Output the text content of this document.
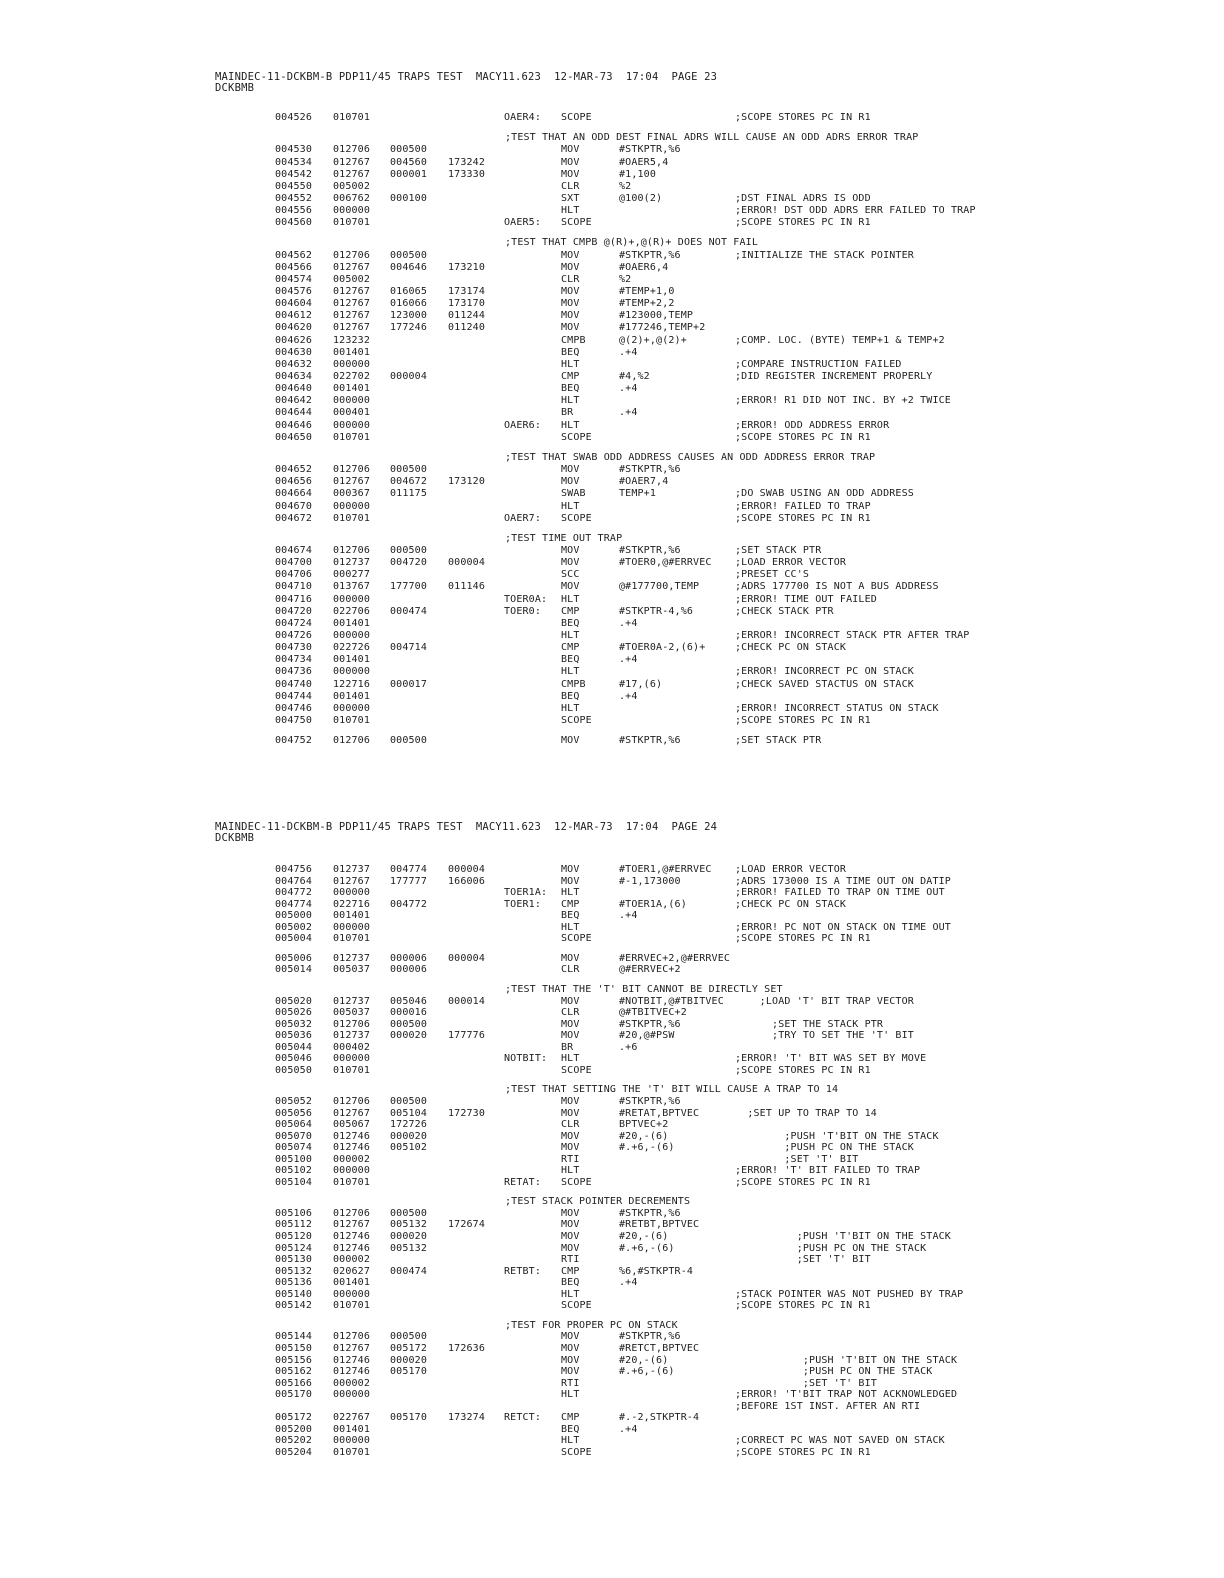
MAINDEC-11-DCKBM-B PDP11/45 TRAPS TEST  MACY11.623  12-MAR-73  17:04  PAGE 23
DCKBMB
004526 010701	OAER4: SCOPE	;SCOPE STORES PC IN R1
;TEST THAT AN ODD DEST FINAL ADRS WILL CAUSE AN ODD ADRS ERROR TRAP
004530 012706 000500	MOV	#STKPTR,%6
004534 012767 004560 173242	MOV	#OAER5,4
004542 012767 000001 173330	MOV	#1,100
004550 005002	CLR	%2
004552 006762 000100	SXT	@100(2)	;DST FINAL ADRS IS ODD
004556 000000	HLT	;ERROR! DST ODD ADRS ERR FAILED TO TRAP
004560 010701	OAER5: SCOPE	;SCOPE STORES PC IN R1
;TEST THAT CMPB @(R)+,@(R)+ DOES NOT FAIL
004562 012706 000500	MOV	#STKPTR,%6	;INITIALIZE THE STACK POINTER
004566 012767 004646 173210	MOV	#OAER6,4
004574 005002	CLR	%2
004576 012767 016065 173174	MOV	#TEMP+1,0
004604 012767 016066 173170	MOV	#TEMP+2,2
004612 012767 123000 011244	MOV	#123000,TEMP
004620 012767 177246 011240	MOV	#177246,TEMP+2
004626 123232	CMPB	@(2)+,@(2)+	;COMP. LOC. (BYTE) TEMP+1 & TEMP+2
004630 001401	BEQ	.+4
004632 000000	HLT	;COMPARE INSTRUCTION FAILED
004634 022702 000004	CMP	#4,%2	;DID REGISTER INCREMENT PROPERLY
004640 001401	BEQ	.+4
004642 000000	HLT	;ERROR! R1 DID NOT INC. BY +2 TWICE
004644 000401	BR	.+4
004646 000000	OAER6: HLT	;ERROR! ODD ADDRESS ERROR
004650 010701	SCOPE	;SCOPE STORES PC IN R1
;TEST THAT SWAB ODD ADDRESS CAUSES AN ODD ADDRESS ERROR TRAP
004652 012706 000500	MOV	#STKPTR,%6
004656 012767 004672 173120	MOV	#OAER7,4
004664 000367 011175	SWAB	TEMP+1	;DO SWAB USING AN ODD ADDRESS
004670 000000	HLT	;ERROR! FAILED TO TRAP
004672 010701	OAER7: SCOPE	;SCOPE STORES PC IN R1
;TEST TIME OUT TRAP
004674 012706 000500	MOV	#STKPTR,%6	;SET STACK PTR
004700 012737 004720 000004	MOV	#TOER0,@#ERRVEC ;LOAD ERROR VECTOR
004706 000277	SCC	;PRESET CC'S
004710 013767 177700 011146	MOV	@#177700,TEMP	;ADRS 177700 IS NOT A BUS ADDRESS
004716 000000	TOER0A: HLT	;ERROR! TIME OUT FAILED
004720 022706 000474	TOER0: CMP	#STKPTR-4,%6	;CHECK STACK PTR
004724 001401	BEQ	.+4
004726 000000	HLT	;ERROR! INCORRECT STACK PTR AFTER TRAP
004730 022726 004714	CMP	#TOER0A-2,(6)+	;CHECK PC ON STACK
004734 001401	BEQ	.+4
004736 000000	HLT	;ERROR! INCORRECT PC ON STACK
004740 122716 000017	CMPB	#17,(6)	;CHECK SAVED STACTUS ON STACK
004744 001401	BEQ	.+4
004746 000000	HLT	;ERROR! INCORRECT STATUS ON STACK
004750 010701	SCOPE	;SCOPE STORES PC IN R1
004752 012706 000500	MOV	#STKPTR,%6	;SET STACK PTR
MAINDEC-11-DCKBM-B PDP11/45 TRAPS TEST  MACY11.623  12-MAR-73  17:04  PAGE 24
DCKBMB
004756 012737 004774 000004	MOV	#TOER1,@#ERRVEC ;LOAD ERROR VECTOR
004764 012767 177777 166006	MOV	#-1,173000	;ADRS 173000 IS A TIME OUT ON DATIP
004772 000000	TOER1A: HLT	;ERROR! FAILED TO TRAP ON TIME OUT
004774 022716 004772	TOER1: CMP	#TOER1A,(6)	;CHECK PC ON STACK
005000 001401	BEQ	.+4
005002 000000	HLT	;ERROR! PC NOT ON STACK ON TIME OUT
005004 010701	SCOPE	;SCOPE STORES PC IN R1
005006 012737 000006 000004	MOV	#ERRVEC+2,@#ERRVEC
005014 005037 000006	CLR	@#ERRVEC+2
;TEST THAT THE 'T' BIT CANNOT BE DIRECTLY SET
005020 012737 005046 000014	MOV	#NOTBIT,@#TBITVEC ;LOAD 'T' BIT TRAP VECTOR
005026 005037 000016	CLR	@#TBITVEC+2
005032 012706 000500	MOV	#STKPTR,%6	;SET THE STACK PTR
005036 012737 000020 177776	MOV	#20,@#PSW	;TRY TO SET THE 'T' BIT
005044 000402	BR	.+6
005046 000000	NOTBIT: HLT	;ERROR! 'T' BIT WAS SET BY MOVE
005050 010701	SCOPE	;SCOPE STORES PC IN R1
;TEST THAT SETTING THE 'T' BIT WILL CAUSE A TRAP TO 14
005052 012706 000500	MOV	#STKPTR,%6
005056 012767 005104 172730	MOV	#RETAT,BPTVEC	;SET UP TO TRAP TO 14
005064 005067 172726	CLR	BPTVEC+2
005070 012746 000020	MOV	#20,-(6)	;PUSH 'T'BIT ON THE STACK
005074 012746 005102	MOV	#.+6,-(6)	;PUSH PC ON THE STACK
005100 000002	RTI	;SET 'T' BIT
005102 000000	HLT	;ERROR! 'T' BIT FAILED TO TRAP
005104 010701	RETAT: SCOPE	;SCOPE STORES PC IN R1
;TEST STACK POINTER DECREMENTS
005106 012706 000500	MOV	#STKPTR,%6
005112 012767 005132 172674	MOV	#RETBT,BPTVEC
005120 012746 000020	MOV	#20,-(6)	;PUSH 'T'BIT ON THE STACK
005124 012746 005132	MOV	#.+6,-(6)	;PUSH PC ON THE STACK
005130 000002	RTI	;SET 'T' BIT
005132 020627 000474	RETBT: CMP	%6,#STKPTR-4
005136 001401	BEQ	.+4
005140 000000	HLT	;STACK POINTER WAS NOT PUSHED BY TRAP
005142 010701	SCOPE	;SCOPE STORES PC IN R1
;TEST FOR PROPER PC ON STACK
005144 012706 000500	MOV	#STKPTR,%6
005150 012767 005172 172636	MOV	#RETCT,BPTVEC
005156 012746 000020	MOV	#20,-(6)	;PUSH 'T'BIT ON THE STACK
005162 012746 005170	MOV	#.+6,-(6)	;PUSH PC ON THE STACK
005166 000002	RTI	;SET 'T' BIT
005170 000000	HLT	;ERROR! 'T'BIT TRAP NOT ACKNOWLEDGED
;BEFORE 1ST INST. AFTER AN RTI
005172 022767 005170 173274 RETCT: CMP	#.-2,STKPTR-4
005200 001401	BEQ	.+4
005202 000000	HLT	;CORRECT PC WAS NOT SAVED ON STACK
005204 010701	SCOPE	;SCOPE STORES PC IN R1
